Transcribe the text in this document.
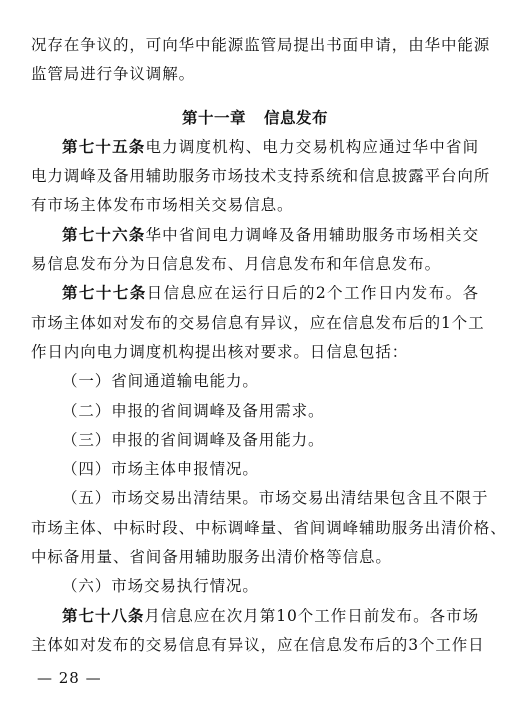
况存在争议的，可向华中能源监管局提出书面申请，由华中能源
监管局进行争议调解。
第十一章 信息发布
第七十五条电力调度机构、电力交易机构应通过华中省间
电力调峰及备用辅助服务市场技术支持系统和信息披露平台向所
有市场主体发布市场相关交易信息。
第七十六条华中省间电力调峰及备用辅助服务市场相关交
易信息发布分为日信息发布、月信息发布和年信息发布。
第七十七条日信息应在运行日后的2个工作日内发布。各
市场主体如对发布的交易信息有异议，应在信息发布后的1个工
作日内向电力调度机构提出核对要求。日信息包括：
（一）省间通道输电能力。
（二）申报的省间调峰及备用需求。
（三）申报的省间调峰及备用能力。
（四）市场主体申报情况。
（五）市场交易出清结果。市场交易出清结果包含且不限于
市场主体、中标时段、中标调峰量、省间调峰辅助服务出清价格、
中标备用量、省间备用辅助服务出清价格等信息。
（六）市场交易执行情况。
第七十八条月信息应在次月第10个工作日前发布。各市场
主体如对发布的交易信息有异议，应在信息发布后的3个工作日
— 28 —
